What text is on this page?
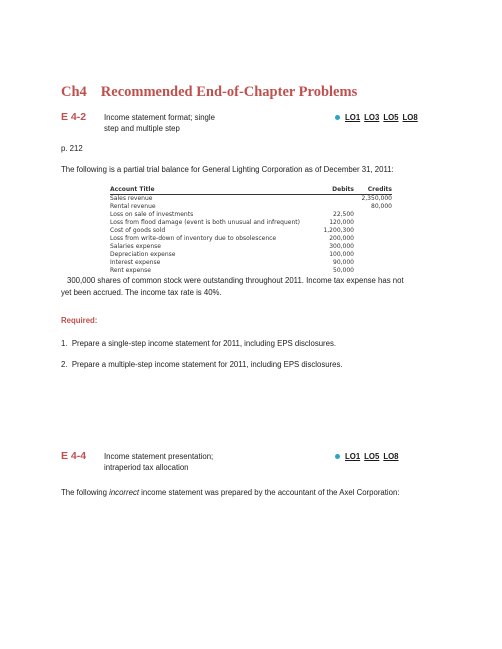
Ch4 Recommended End-of-Chapter Problems
E 4-2 Income statement format; single
step and multiple step
LO1 LO3 LO5 LO8
p. 212
The following is a partial trial balance for General Lighting Corporation as of December 31, 2011:
Account Title	Debits	Credits
Sales revenue		2,350,000
Rental revenue		80,000
Loss on sale of investments	22,500	
Loss from flood damage (event is both unusual and infrequent)	120,000	
Cost of goods sold	1,200,300	
Loss from write-down of inventory due to obsolescence	200,000	
Salaries expense	300,000	
Depreciation expense	100,000	
Interest expense	90,000	
Rent expense	50,000	
300,000 shares of common stock were outstanding throughout 2011. Income tax expense has not
yet been accrued. The income tax rate is 40%.
Required:
1.  Prepare a single-step income statement for 2011, including EPS disclosures.
2.  Prepare a multiple-step income statement for 2011, including EPS disclosures.
E 4-4 Income statement presentation;
intraperiod tax allocation
LO1 LO5 LO8
The following incorrect income statement was prepared by the accountant of the Axel Corporation:
